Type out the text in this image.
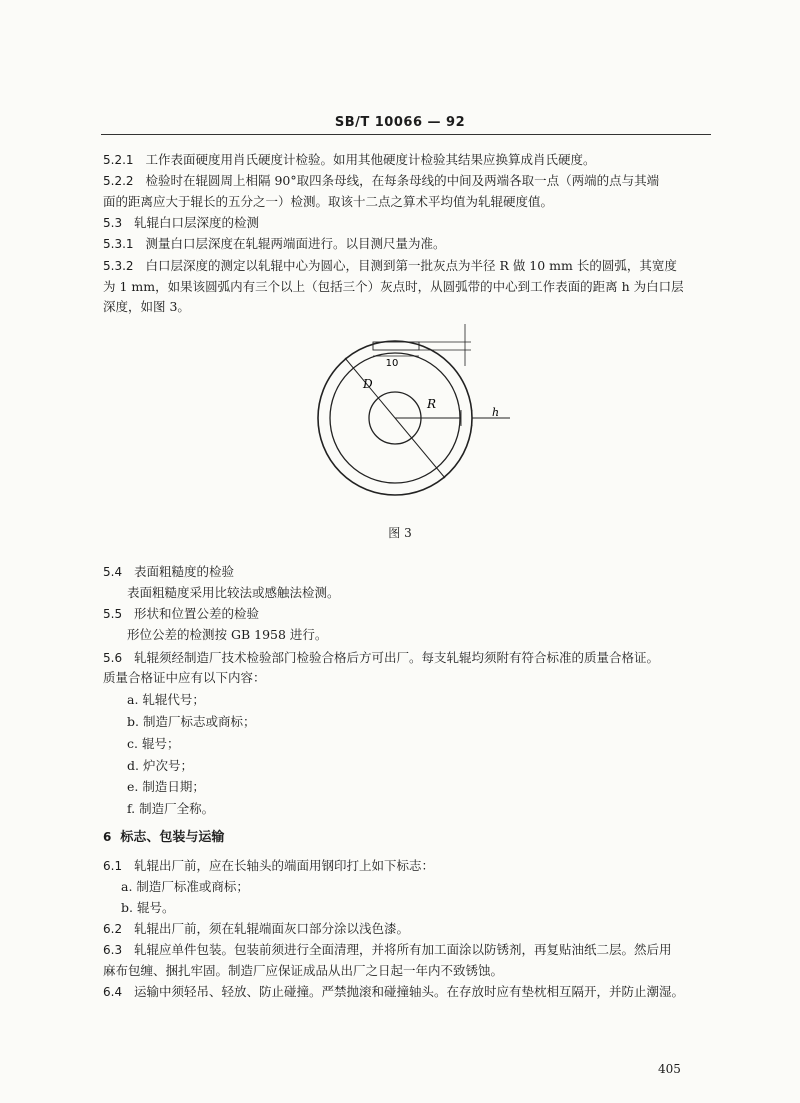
SB/T 10066 — 92
5.2.1 工作表面硬度用肖氏硬度计检验。如用其他硬度计检验其结果应换算成肖氏硬度。
5.2.2 检验时在辊圆周上相隔 90°取四条母线，在每条母线的中间及两端各取一点（两端的点与其端
面的距离应大于辊长的五分之一）检测。取该十二点之算术平均值为轧辊硬度值。
5.3 轧辊白口层深度的检测
5.3.1 测量白口层深度在轧辊两端面进行。以目测尺量为准。
5.3.2 白口层深度的测定以轧辊中心为圆心，目测到第一批灰点为半径 R 做 10 mm 长的圆弧，其宽度
为 1 mm，如果该圆弧内有三个以上（包括三个）灰点时，从圆弧带的中心到工作表面的距离 h 为白口层
深度，如图 3。
10
D
R
h
图 3
5.4 表面粗糙度的检验
表面粗糙度采用比较法或感触法检测。
5.5 形状和位置公差的检验
形位公差的检测按 GB 1958 进行。
5.6 轧辊须经制造厂技术检验部门检验合格后方可出厂。每支轧辊均须附有符合标准的质量合格证。
质量合格证中应有以下内容：
a. 轧辊代号；
b. 制造厂标志或商标；
c. 辊号；
d. 炉次号；
e. 制造日期；
f. 制造厂全称。
6 标志、包装与运输
6.1 轧辊出厂前，应在长轴头的端面用钢印打上如下标志：
a. 制造厂标准或商标；
b. 辊号。
6.2 轧辊出厂前，须在轧辊端面灰口部分涂以浅色漆。
6.3 轧辊应单件包装。包装前须进行全面清理，并将所有加工面涂以防锈剂，再复贴油纸二层。然后用
麻布包缠、捆扎牢固。制造厂应保证成品从出厂之日起一年内不致锈蚀。
6.4 运输中须轻吊、轻放、防止碰撞。严禁抛滚和碰撞轴头。在存放时应有垫枕相互隔开，并防止潮湿。
405
